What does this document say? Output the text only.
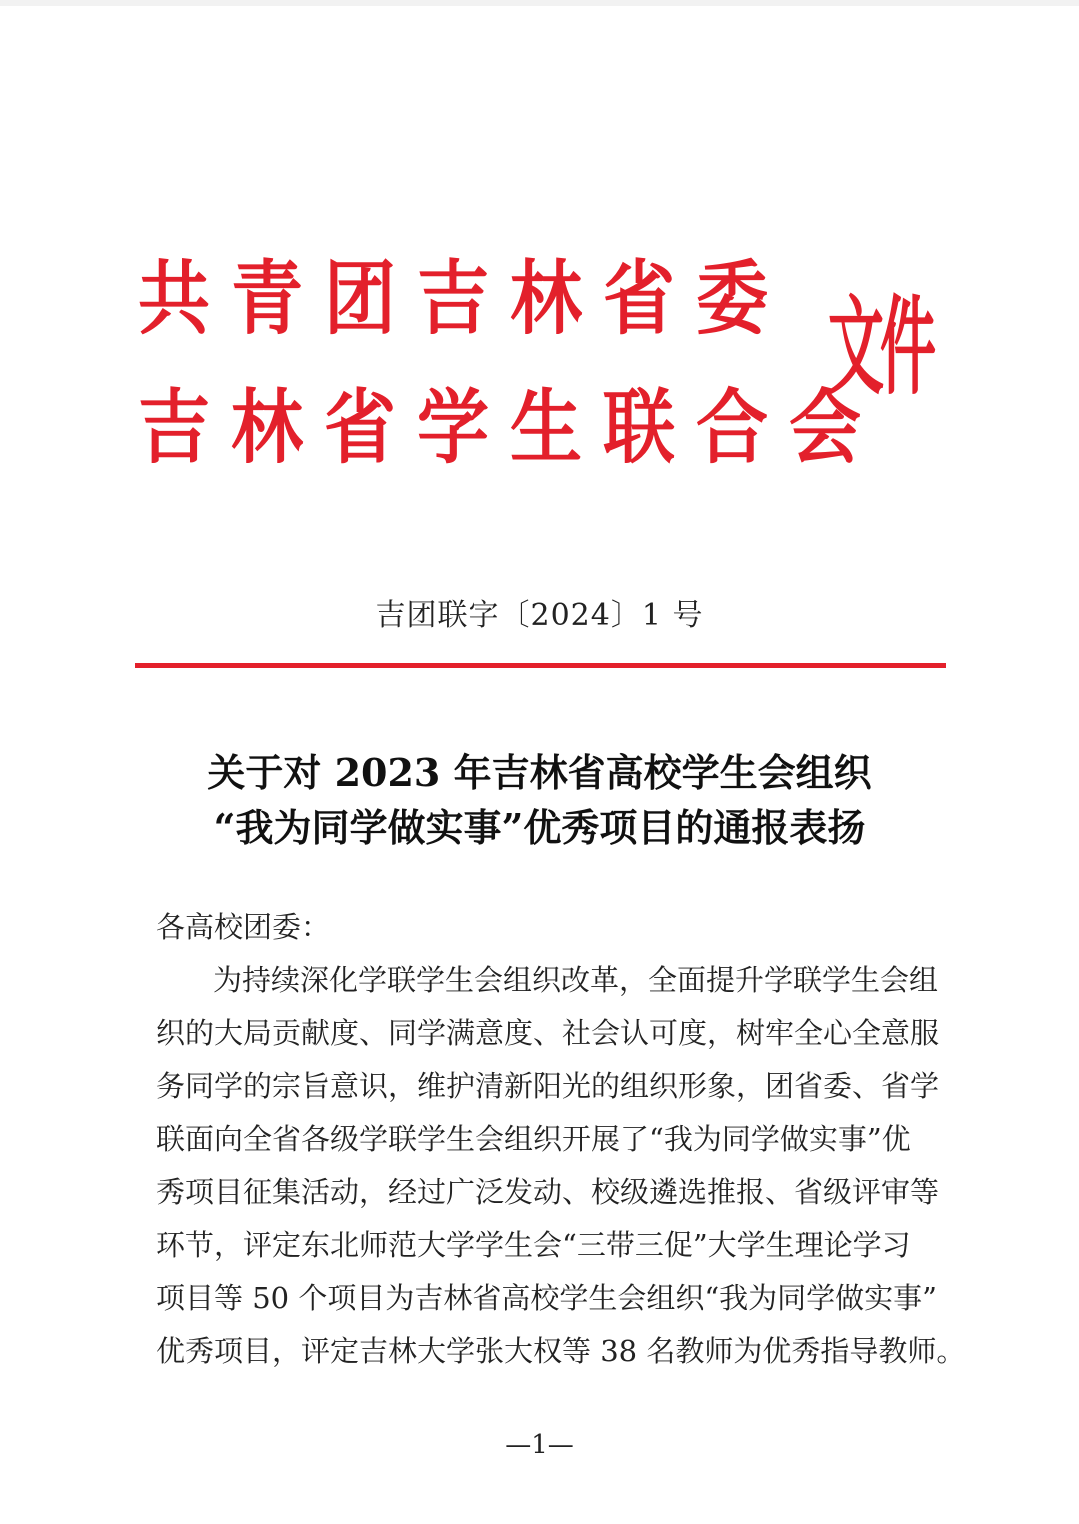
共青团吉林省委
吉林省学生联合会
文件
吉团联字〔2024〕1 号
关于对 2023 年吉林省高校学生会组织
“我为同学做实事”优秀项目的通报表扬
各高校团委：
为持续深化学联学生会组织改革，全面提升学联学生会组
织的大局贡献度、同学满意度、社会认可度，树牢全心全意服
务同学的宗旨意识，维护清新阳光的组织形象，团省委、省学
联面向全省各级学联学生会组织开展了“我为同学做实事”优
秀项目征集活动，经过广泛发动、校级遴选推报、省级评审等
环节，评定东北师范大学学生会“三带三促”大学生理论学习
项目等 50 个项目为吉林省高校学生会组织“我为同学做实事”
优秀项目，评定吉林大学张大权等 38 名教师为优秀指导教师。
—1—
